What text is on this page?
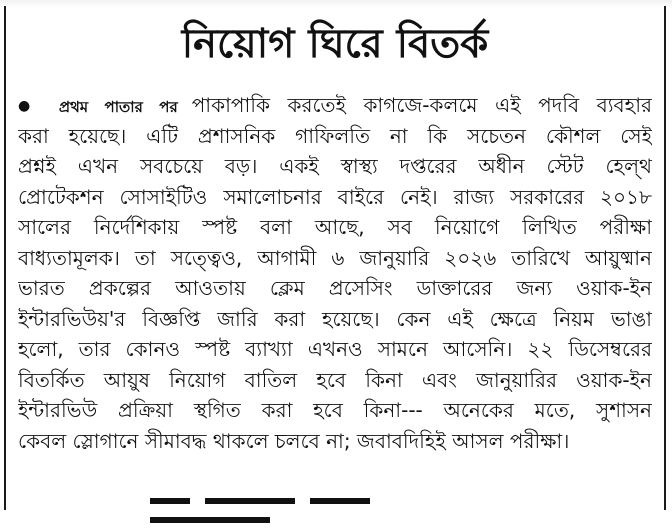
নিয়োগ ঘিরে বিতর্ক
● প্রথম পাতার পর পাকাপাকি করতেই কাগজে-কলমে এই পদবি ব্যবহার
করা হয়েছে। এটি প্রশাসনিক গাফিলতি না কি সচেতন কৌশল সেই
প্রশ্নই এখন সবচেয়ে বড়। একই স্বাস্থ্য দপ্তরের অধীন স্টেট হেল্থ
প্রোটেকশন সোসাইটিও সমালোচনার বাইরে নেই। রাজ্য সরকারের ২০১৮
সালের নির্দেশিকায় স্পষ্ট বলা আছে, সব নিয়োগে লিখিত পরীক্ষা
বাধ্যতামূলক। তা সত্ত্বেও, আগামী ৬ জানুয়ারি ২০২৬ তারিখে আয়ুষ্মান
ভারত প্রকল্পের আওতায় ক্লেম প্রসেসিং ডাক্তারের জন্য ওয়াক-ইন
ইন্টারভিউয়'র বিজ্ঞপ্তি জারি করা হয়েছে। কেন এই ক্ষেত্রে নিয়ম ভাঙা
হলো, তার কোনও স্পষ্ট ব্যাখ্যা এখনও সামনে আসেনি। ২২ ডিসেম্বরের
বিতর্কিত আয়ুষ নিয়োগ বাতিল হবে কিনা এবং জানুয়ারির ওয়াক-ইন
ইন্টারভিউ প্রক্রিয়া স্থগিত করা হবে কিনা--- অনেকের মতে, সুশাসন
কেবল স্লোগানে সীমাবদ্ধ থাকলে চলবে না; জবাবদিহিই আসল পরীক্ষা।
